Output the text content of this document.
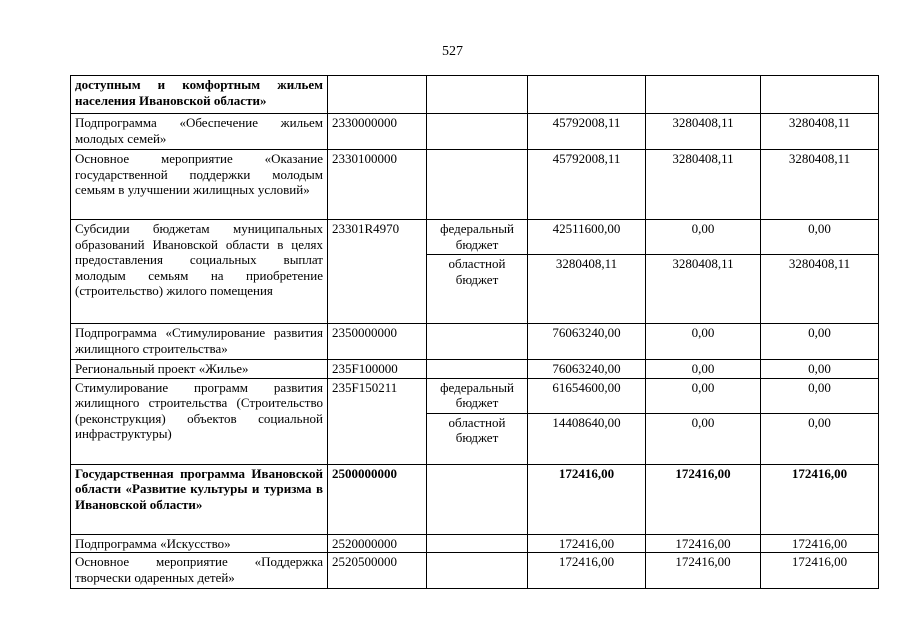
527
доступным и комфортным жильем населения Ивановской области»					
Подпрограмма «Обеспечение жильем молодых семей»	2330000000		45792008,11	3280408,11	3280408,11
Основное мероприятие «Оказание государственной поддержки молодым семьям в улучшении жилищных условий»	2330100000		45792008,11	3280408,11	3280408,11
Субсидии бюджетам муниципальных образований Ивановской области в целях предоставления социальных выплат молодым семьям на приобретение (строительство) жилого помещения	23301R4970	федеральный бюджет	42511600,00	0,00	0,00
		областной бюджет	3280408,11	3280408,11	3280408,11
Подпрограмма «Стимулирование развития жилищного строительства»	2350000000		76063240,00	0,00	0,00
Региональный проект «Жилье»	235F100000		76063240,00	0,00	0,00
Стимулирование программ развития жилищного строительства (Строительство (реконструкция) объектов социальной инфраструктуры)	235F150211	федеральный бюджет	61654600,00	0,00	0,00
		областной бюджет	14408640,00	0,00	0,00
Государственная программа Ивановской области «Развитие культуры и туризма в Ивановской области»	2500000000		172416,00	172416,00	172416,00
Подпрограмма «Искусство»	2520000000		172416,00	172416,00	172416,00
Основное мероприятие «Поддержка творчески одаренных детей»	2520500000		172416,00	172416,00	172416,00
